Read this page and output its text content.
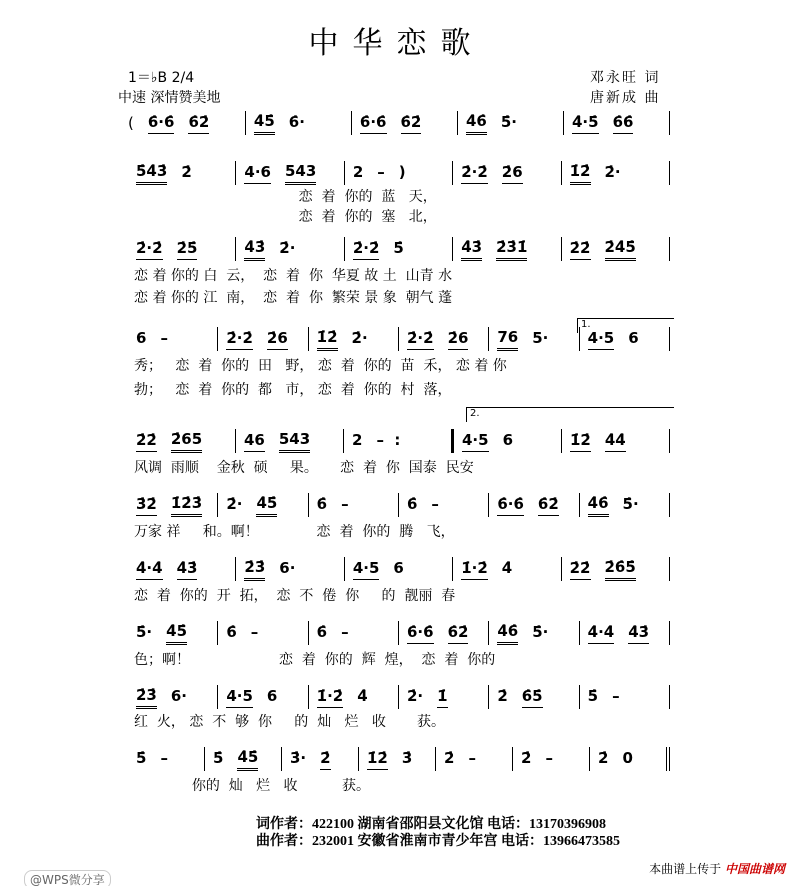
中华恋歌
1＝♭B 2/4
中速 深情赞美地
邓永旺 词
唐新成 曲
1.
2.
( 6̇·6̇ 6̇2̇	4̇5̇ 6̇·	6̇·6̇ 6̇2̇	4̇6̇ 5̇·	4̇·5̇ 6̇6̇
5̇4̇3̇ 2̇	4·6 543 2 – )	2̇·2̇ 2̇6	1̇2̇ 2̇·
2̇·2̇ 2̇5̇	4̇3̇ 2̇·	2̇·2̇ 5̇	4̇3̇ 2̇3̇1̇	2̇2̇ 2̇4̇5̇
6 –	2̇·2̇ 2̇6 1̇2̇ 2̇·	2̇·2̇ 2̇6 76 5·	4·5 6
2̇2̇ 2̇65	46 543	2 –  :	4·5 6	1̇2̇ 4̇4̇
3̇2̇ 1̇2̇3̇ 2̇· 4̇5̇	6̇ –	6̇ –	6̇·6̇ 6̇2̇ 4̇6̇ 5̇·
4̇·4̇ 4̇3̇	2̇3̇ 6·	4·5 6	1̇·2̇ 4̇	2̇2̇ 2̇6̇5̇
5̇· 4̇5̇	6̇ –	6̇ –	6̇·6̇ 6̇2̇ 4̇6̇ 5̇·	4̇·4̇ 4̇3̇
2̇3̇ 6·	4·5 6	1̇·2̇ 4̇	2̇· 1̇	2̇ 6̇5̇	5̇ –
5̇ –	5̇ 4̇5̇ 3̇· 2̇ 1̇2̇ 3̇ 2̇ –	2̇ –	2̇ 0
恋  着  你的  蓝   天，
恋  着  你的  塞   北，
恋 着 你的 白  云，  恋  着  你  华夏 故 土  山青 水
恋 着 你的 江  南，  恋  着  你  繁荣 景 象  朝气 蓬
秀；   恋  着  你的  田   野， 恋  着  你的  苗  禾， 恋 着 你
勃；   恋  着  你的  都   市， 恋  着  你的  村  落，
风调  雨顺    金秋  硕     果。     恋  着  你  国泰  民安
万家 祥     和。啊！             恋  着  你的  腾   飞，
恋  着  你的  开  拓，  恋  不  倦  你     的  靓丽  春
色；啊！                    恋  着  你的  辉  煌，  恋  着  你的
红  火， 恋  不  够  你     的  灿   烂   收       获。
你的  灿   烂   收          获。
词作者：422100 湖南省邵阳县文化馆 电话：13170396908
曲作者：232001 安徽省淮南市青少年宫 电话：13966473585
@WPS微分享
本曲谱上传于 中国曲谱网
